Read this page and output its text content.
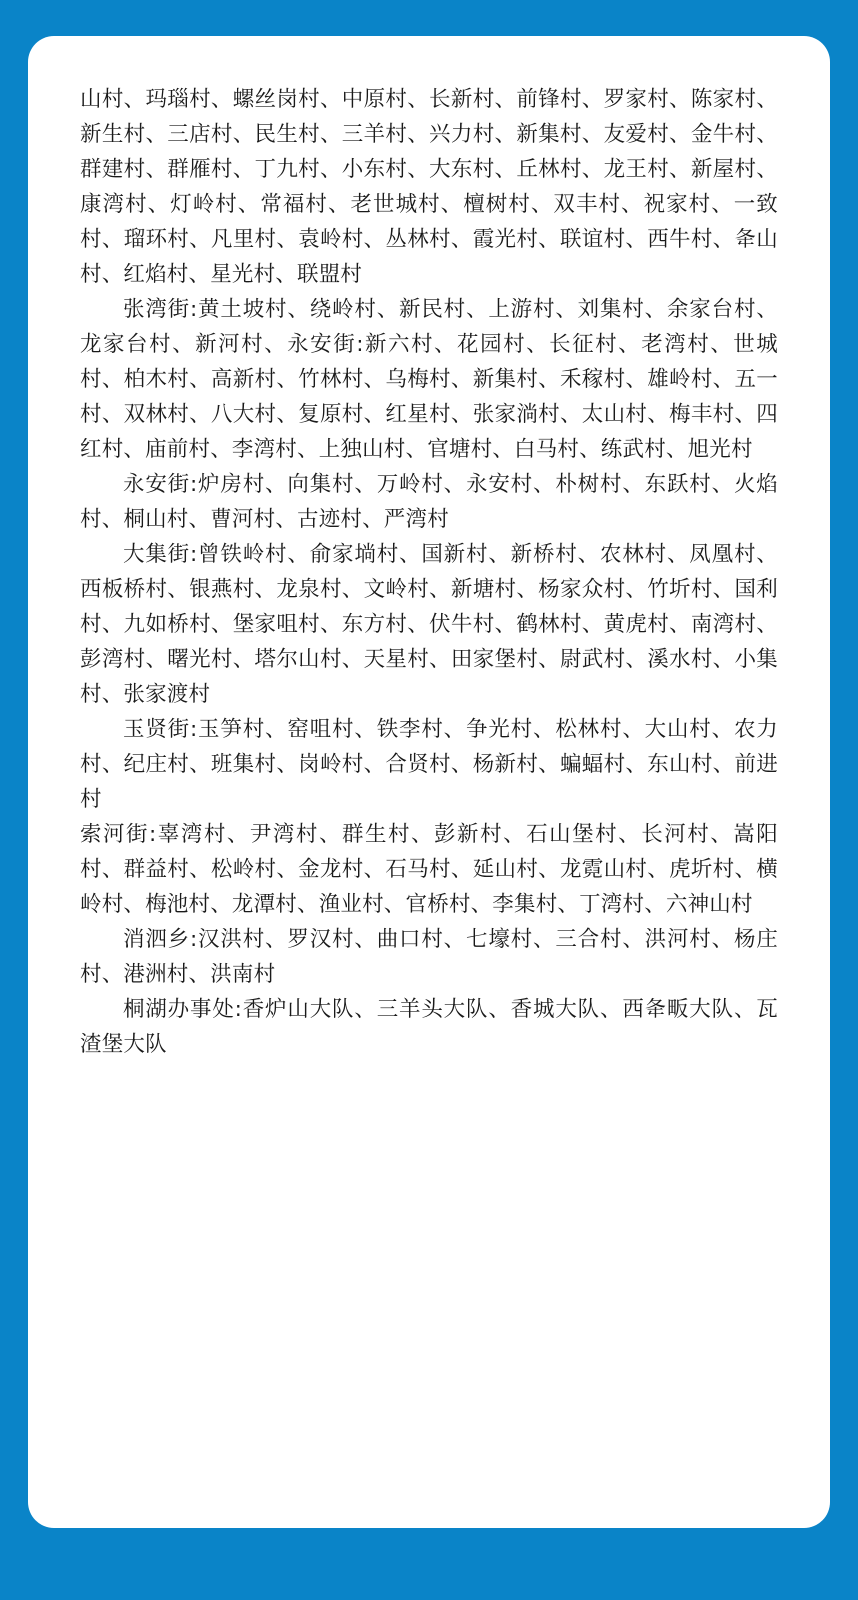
山村、玛瑙村、螺丝岗村、中原村、长新村、前锋村、罗家村、陈家村、新生村、三店村、民生村、三羊村、兴力村、新集村、友爱村、金牛村、群建村、群雁村、丁九村、小东村、大东村、丘林村、龙王村、新屋村、康湾村、灯岭村、常福村、老世城村、檀树村、双丰村、祝家村、一致村、瑠环村、凡里村、袁岭村、丛林村、霞光村、联谊村、西牛村、夅山村、红焰村、星光村、联盟村

张湾街:黄土坡村、绕岭村、新民村、上游村、刘集村、余家台村、龙家台村、新河村、永安街:新六村、花园村、长征村、老湾村、世城村、柏木村、高新村、竹林村、乌梅村、新集村、禾稼村、雄岭村、五一村、双林村、八大村、复原村、红星村、张家淌村、太山村、梅丰村、四红村、庙前村、李湾村、上独山村、官塘村、白马村、练武村、旭光村

永安街:炉房村、向集村、万岭村、永安村、朴树村、东跃村、火焰村、桐山村、曹河村、古迹村、严湾村

大集街:曾铁岭村、俞家埫村、国新村、新桥村、农林村、凤凰村、西板桥村、银燕村、龙泉村、文岭村、新塘村、杨家众村、竹圻村、国利村、九如桥村、堡家咀村、东方村、伏牛村、鹤林村、黄虎村、南湾村、彭湾村、曙光村、塔尔山村、天星村、田家堡村、尉武村、溪水村、小集村、张家渡村

玉贤街:玉笋村、窑咀村、铁李村、争光村、松林村、大山村、农力村、纪庄村、班集村、岗岭村、合贤村、杨新村、蝙蝠村、东山村、前进村

索河街:辜湾村、尹湾村、群生村、彭新村、石山堡村、长河村、嵩阳村、群益村、松岭村、金龙村、石马村、延山村、龙霓山村、虎圻村、横岭村、梅池村、龙潭村、渔业村、官桥村、李集村、丁湾村、六神山村

消泗乡:汉洪村、罗汉村、曲口村、七壕村、三合村、洪河村、杨庄村、港洲村、洪南村

桐湖办事处:香炉山大队、三羊头大队、香城大队、西夅畈大队、瓦渣堡大队
